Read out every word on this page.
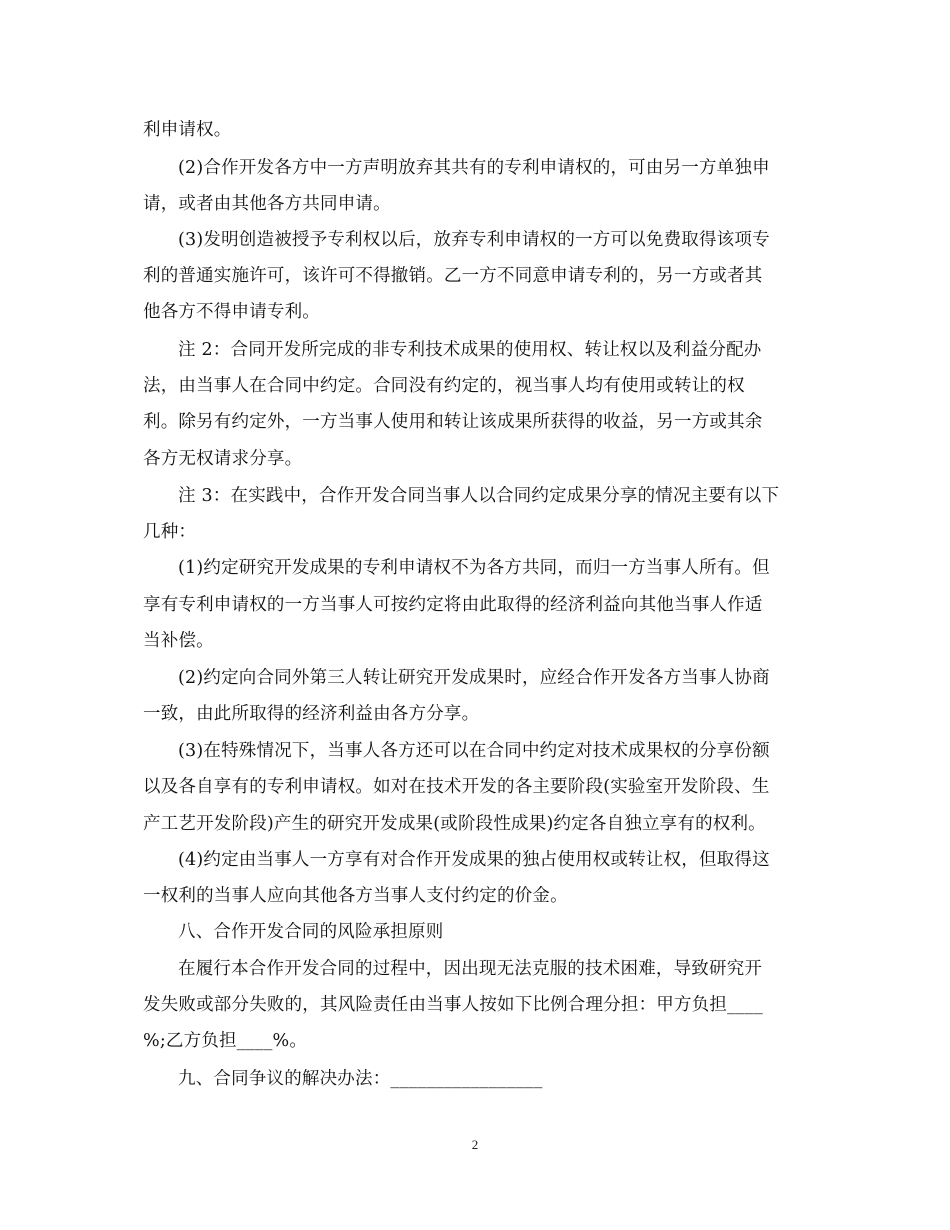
利申请权。
(2)合作开发各方中一方声明放弃其共有的专利申请权的，可由另一方单独申
请，或者由其他各方共同申请。
(3)发明创造被授予专利权以后，放弃专利申请权的一方可以免费取得该项专
利的普通实施许可，该许可不得撤销。乙一方不同意申请专利的，另一方或者其
他各方不得申请专利。
注 2：合同开发所完成的非专利技术成果的使用权、转让权以及利益分配办
法，由当事人在合同中约定。合同没有约定的，视当事人均有使用或转让的权
利。除另有约定外，一方当事人使用和转让该成果所获得的收益，另一方或其余
各方无权请求分享。
注 3：在实践中，合作开发合同当事人以合同约定成果分享的情况主要有以下
几种：
(1)约定研究开发成果的专利申请权不为各方共同，而归一方当事人所有。但
享有专利申请权的一方当事人可按约定将由此取得的经济利益向其他当事人作适
当补偿。
(2)约定向合同外第三人转让研究开发成果时，应经合作开发各方当事人协商
一致，由此所取得的经济利益由各方分享。
(3)在特殊情况下，当事人各方还可以在合同中约定对技术成果权的分享份额
以及各自享有的专利申请权。如对在技术开发的各主要阶段(实验室开发阶段、生
产工艺开发阶段)产生的研究开发成果(或阶段性成果)约定各自独立享有的权利。
(4)约定由当事人一方享有对合作开发成果的独占使用权或转让权，但取得这
一权利的当事人应向其他各方当事人支付约定的价金。
八、合作开发合同的风险承担原则
在履行本合作开发合同的过程中，因出现无法克服的技术困难，导致研究开
发失败或部分失败的，其风险责任由当事人按如下比例合理分担：甲方负担____
%;乙方负担____%。
九、合同争议的解决办法：_________________
2
